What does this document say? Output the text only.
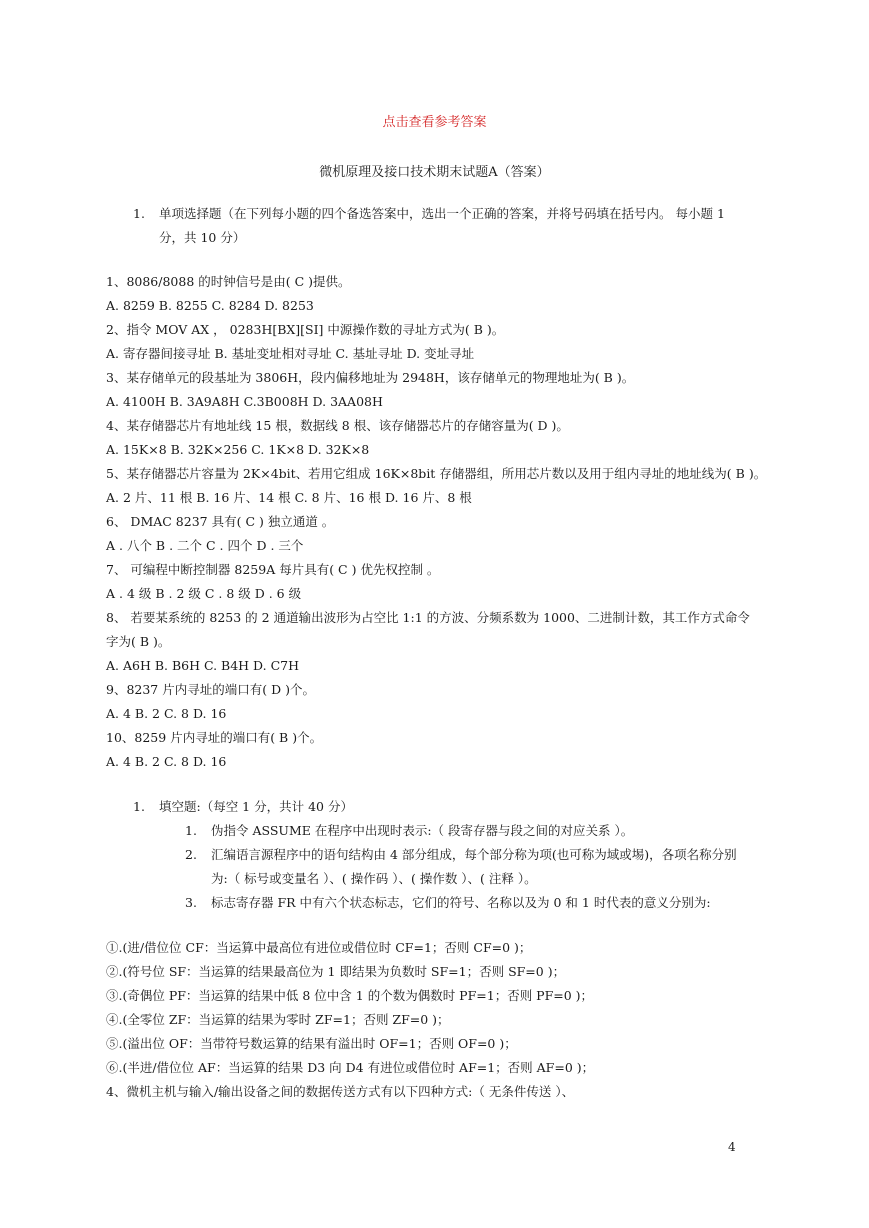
点击查看参考答案
微机原理及接口技术期末试题A（答案）
1. 单项选择题（在下列每小题的四个备选答案中，选出一个正确的答案，并将号码填在括号内。 每小题 1
分，共 10 分）
1、8086/8088 的时钟信号是由( C )提供。
A. 8259 B. 8255 C. 8284 D. 8253
2、指令 MOV AX ， 0283H[BX][SI] 中源操作数的寻址方式为( B )。
A. 寄存器间接寻址 B. 基址变址相对寻址 C. 基址寻址 D. 变址寻址
3、某存储单元的段基址为 3806H，段内偏移地址为 2948H，该存储单元的物理地址为( B )。
A. 4100H B. 3A9A8H C.3B008H D. 3AA08H
4、某存储器芯片有地址线 15 根，数据线 8 根、该存储器芯片的存储容量为( D )。
A. 15K×8 B. 32K×256 C. 1K×8 D. 32K×8
5、某存储器芯片容量为 2K×4bit、若用它组成 16K×8bit 存储器组，所用芯片数以及用于组内寻址的地址线为( B )。
A. 2 片、11 根 B. 16 片、14 根 C. 8 片、16 根 D. 16 片、8 根
6、 DMAC 8237 具有( C ) 独立通道 。
A . 八个 B . 二个 C . 四个 D . 三个
7、 可编程中断控制器 8259A 每片具有( C ) 优先权控制 。
A . 4 级 B . 2 级 C . 8 级 D . 6 级
8、 若要某系统的 8253 的 2 通道输出波形为占空比 1:1 的方波、分频系数为 1000、二进制计数，其工作方式命令
字为( B )。
A. A6H B. B6H C. B4H D. C7H
9、8237 片内寻址的端口有( D )个。
A. 4 B. 2 C. 8 D. 16
10、8259 片内寻址的端口有( B )个。
A. 4 B. 2 C. 8 D. 16
1. 填空题:（每空 1 分，共计 40 分）
1. 伪指令 ASSUME 在程序中出现时表示:（ 段寄存器与段之间的对应关系 ）。
2. 汇编语言源程序中的语句结构由 4 部分组成，每个部分称为项(也可称为域或埸)，各项名称分别
为:（ 标号或变量名 ）、( 操作码 ）、( 操作数 ）、( 注释 ）。
3. 标志寄存器 FR 中有六个状态标志，它们的符号、名称以及为 0 和 1 时代表的意义分别为:
①.(进/借位位 CF：当运算中最高位有进位或借位时 CF=1；否则 CF=0 )；
②.(符号位 SF：当运算的结果最高位为 1 即结果为负数时 SF=1；否则 SF=0 )；
③.(奇偶位 PF：当运算的结果中低 8 位中含 1 的个数为偶数时 PF=1；否则 PF=0 )；
④.(全零位 ZF：当运算的结果为零时 ZF=1；否则 ZF=0 )；
⑤.(溢出位 OF：当带符号数运算的结果有溢出时 OF=1；否则 OF=0 )；
⑥.(半进/借位位 AF：当运算的结果 D3 向 D4 有进位或借位时 AF=1；否则 AF=0 )；
4、微机主机与输入/输出设备之间的数据传送方式有以下四种方式:（ 无条件传送 ）、
4
